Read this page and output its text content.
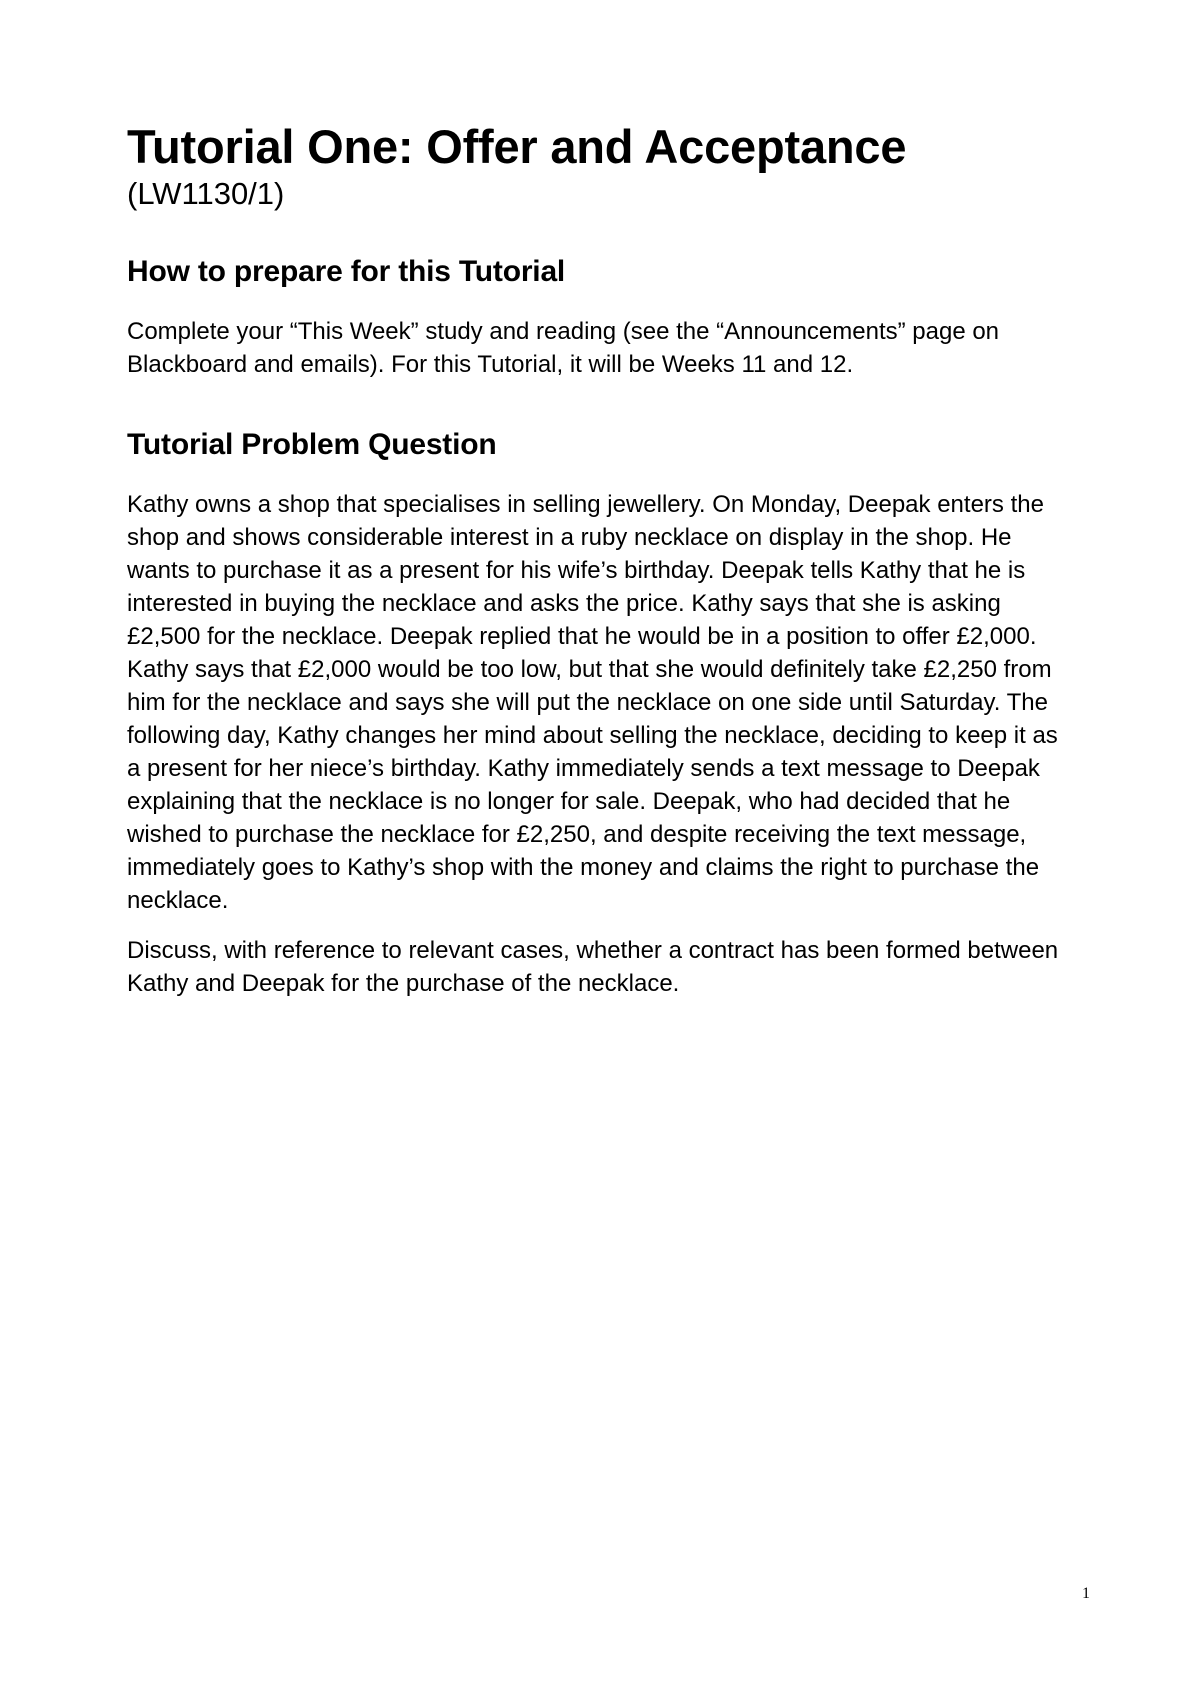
Tutorial One: Offer and Acceptance

(LW1130/1)

How to prepare for this Tutorial

Complete your “This Week” study and reading (see the “Announcements” page on Blackboard and emails). For this Tutorial, it will be Weeks 11 and 12.

Tutorial Problem Question

Kathy owns a shop that specialises in selling jewellery. On Monday, Deepak enters the shop and shows considerable interest in a ruby necklace on display in the shop. He wants to purchase it as a present for his wife’s birthday. Deepak tells Kathy that he is interested in buying the necklace and asks the price. Kathy says that she is asking £2,500 for the necklace. Deepak replied that he would be in a position to offer £2,000. Kathy says that £2,000 would be too low, but that she would definitely take £2,250 from him for the necklace and says she will put the necklace on one side until Saturday. The following day, Kathy changes her mind about selling the necklace, deciding to keep it as a present for her niece’s birthday. Kathy immediately sends a text message to Deepak explaining that the necklace is no longer for sale. Deepak, who had decided that he wished to purchase the necklace for £2,250, and despite receiving the text message, immediately goes to Kathy’s shop with the money and claims the right to purchase the necklace.

Discuss, with reference to relevant cases, whether a contract has been formed between Kathy and Deepak for the purchase of the necklace.

1
